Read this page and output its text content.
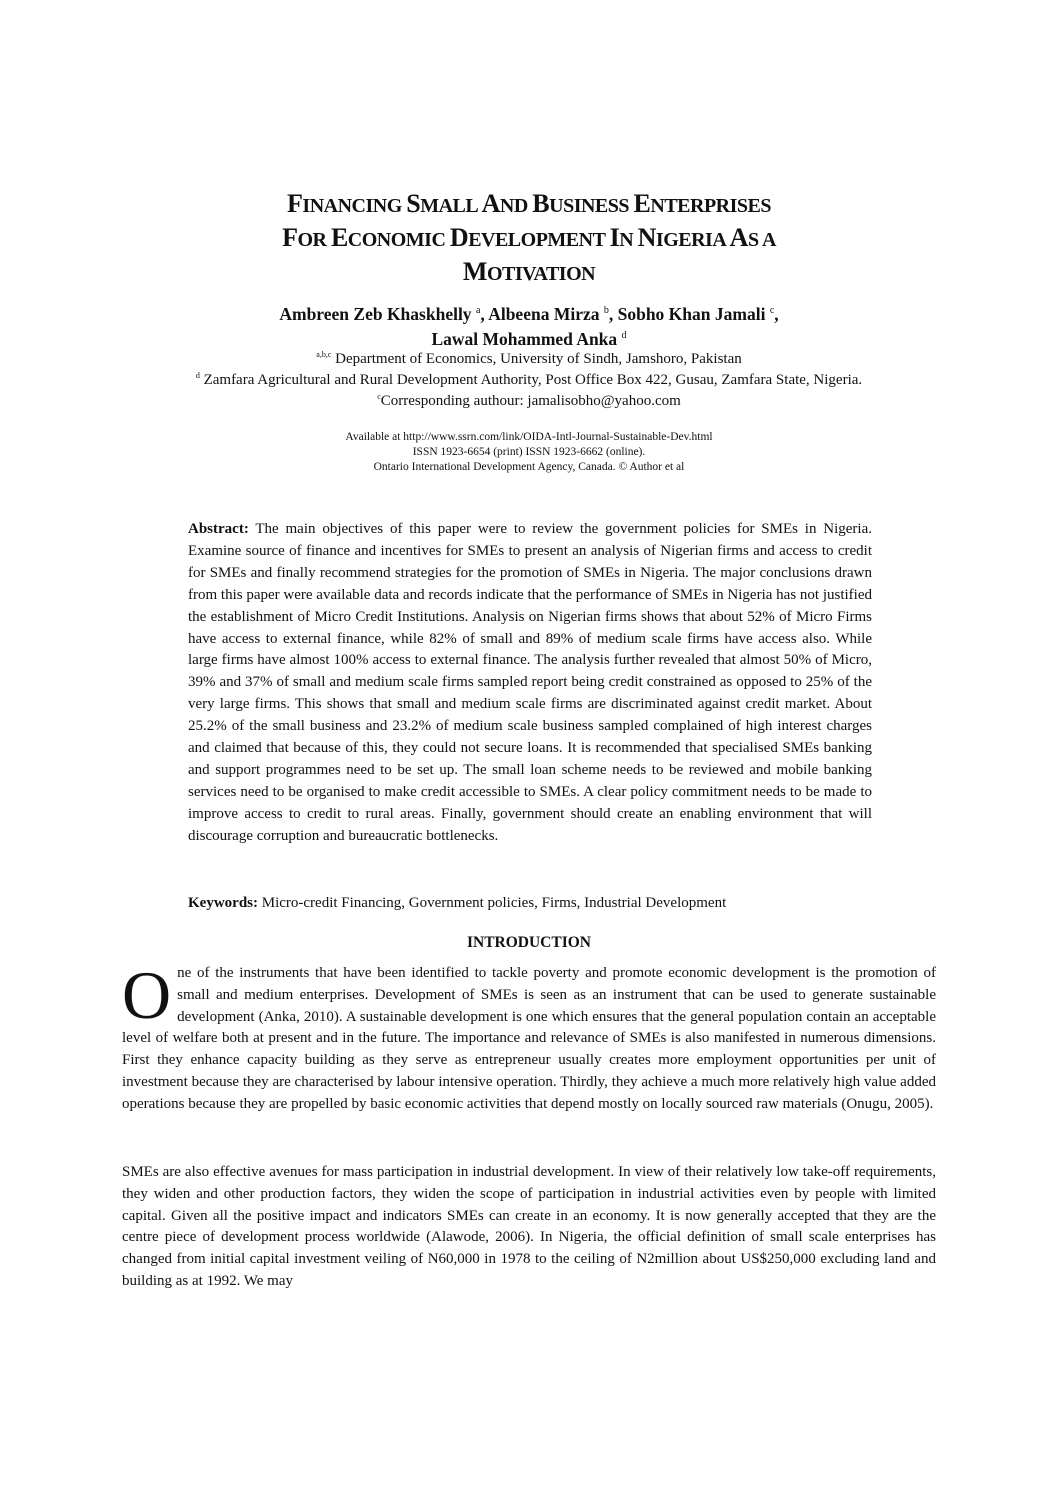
FINANCING SMALL AND BUSINESS ENTERPRISES
FOR ECONOMIC DEVELOPMENT IN NIGERIA AS A
MOTIVATION
Ambreen Zeb Khaskhelly $^a$, Albeena Mirza $^b$, Sobho Khan Jamali $^c$,
Lawal Mohammed Anka $^d$
$^{a,b,c}$ Department of Economics, University of Sindh, Jamshoro, Pakistan
$^d$ Zamfara Agricultural and Rural Development Authority, Post Office Box 422, Gusau, Zamfara State, Nigeria.
$^c$Corresponding authour: jamalisobho@yahoo.com
Available at http://www.ssrn.com/link/OIDA-Intl-Journal-Sustainable-Dev.html
ISSN 1923-6654 (print) ISSN 1923-6662 (online).
Ontario International Development Agency, Canada. © Author et al
Abstract: The main objectives of this paper were to review the government policies for SMEs in Nigeria. Examine source of finance and incentives for SMEs to present an analysis of Nigerian firms and access to credit for SMEs and finally recommend strategies for the promotion of SMEs in Nigeria. The major conclusions drawn from this paper were available data and records indicate that the performance of SMEs in Nigeria has not justified the establishment of Micro Credit Institutions. Analysis on Nigerian firms shows that about 52% of Micro Firms have access to external finance, while 82% of small and 89% of medium scale firms have access also. While large firms have almost 100% access to external finance. The analysis further revealed that almost 50% of Micro, 39% and 37% of small and medium scale firms sampled report being credit constrained as opposed to 25% of the very large firms. This shows that small and medium scale firms are discriminated against credit market. About 25.2% of the small business and 23.2% of medium scale business sampled complained of high interest charges and claimed that because of this, they could not secure loans. It is recommended that specialised SMEs banking and support programmes need to be set up. The small loan scheme needs to be reviewed and mobile banking services need to be organised to make credit accessible to SMEs. A clear policy commitment needs to be made to improve access to credit to rural areas. Finally, government should create an enabling environment that will discourage corruption and bureaucratic bottlenecks.
Keywords: Micro-credit Financing, Government policies, Firms, Industrial Development
INTRODUCTION
O ne of the instruments that have been identified to tackle poverty and promote economic development is the promotion of small and medium enterprises. Development of SMEs is seen as an instrument that can be used to generate sustainable development (Anka, 2010). A sustainable development is one which ensures that the general population contain an acceptable level of welfare both at present and in the future. The importance and relevance of SMEs is also manifested in numerous dimensions. First they enhance capacity building as they serve as entrepreneur usually creates more employment opportunities per unit of investment because they are characterised by labour intensive operation. Thirdly, they achieve a much more relatively high value added operations because they are propelled by basic economic activities that depend mostly on locally sourced raw materials (Onugu, 2005).
SMEs are also effective avenues for mass participation in industrial development. In view of their relatively low take-off requirements, they widen and other production factors, they widen the scope of participation in industrial activities even by people with limited capital. Given all the positive impact and indicators SMEs can create in an economy. It is now generally accepted that they are the centre piece of development process worldwide (Alawode, 2006). In Nigeria, the official definition of small scale enterprises has changed from initial capital investment veiling of N60,000 in 1978 to the ceiling of N2million about US$250,000 excluding land and building as at 1992. We may
